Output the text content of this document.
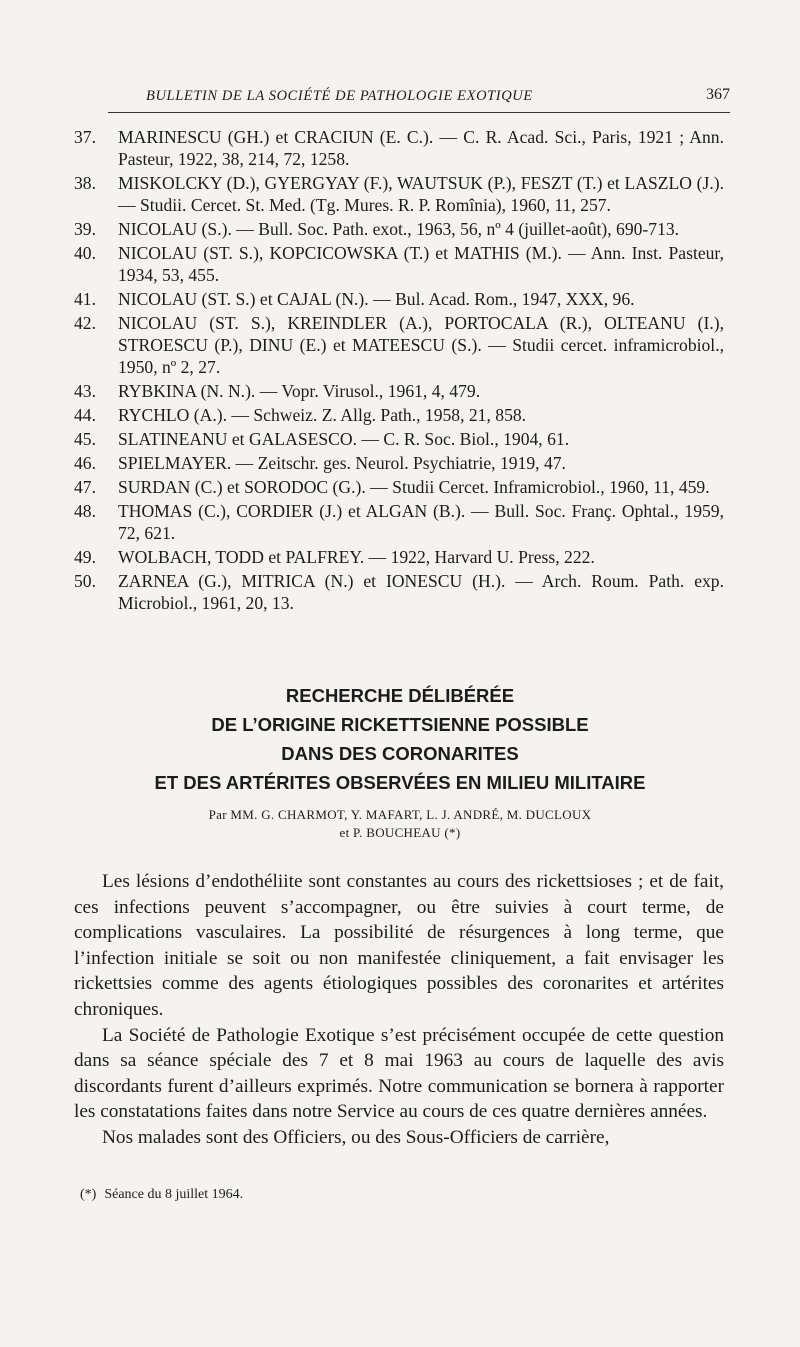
BULLETIN DE LA SOCIÉTÉ DE PATHOLOGIE EXOTIQUE	367
37. MARINESCU (GH.) et CRACIUN (E. C.). — C. R. Acad. Sci., Paris, 1921 ; Ann. Pasteur, 1922, 38, 214, 72, 1258.
38. MISKOLCKY (D.), GYERGYAY (F.), WAUTSUK (P.), FESZT (T.) et LASZLO (J.). — Studii. Cercet. St. Med. (Tg. Mures. R. P. Romînia), 1960, 11, 257.
39. NICOLAU (S.). — Bull. Soc. Path. exot., 1963, 56, nº 4 (juillet-août), 690-713.
40. NICOLAU (ST. S.), KOPCICOWSKA (T.) et MATHIS (M.). — Ann. Inst. Pasteur, 1934, 53, 455.
41. NICOLAU (ST. S.) et CAJAL (N.). — Bul. Acad. Rom., 1947, XXX, 96.
42. NICOLAU (ST. S.), KREINDLER (A.), PORTOCALA (R.), OLTEANU (I.), STROESCU (P.), DINU (E.) et MATEESCU (S.). — Studii cercet. inframicrobiol., 1950, nº 2, 27.
43. RYBKINA (N. N.). — Vopr. Virusol., 1961, 4, 479.
44. RYCHLO (A.). — Schweiz. Z. Allg. Path., 1958, 21, 858.
45. SLATINEANU et GALASESCO. — C. R. Soc. Biol., 1904, 61.
46. SPIELMAYER. — Zeitschr. ges. Neurol. Psychiatrie, 1919, 47.
47. SURDAN (C.) et SORODOC (G.). — Studii Cercet. Inframicrobiol., 1960, 11, 459.
48. THOMAS (C.), CORDIER (J.) et ALGAN (B.). — Bull. Soc. Franç. Ophtal., 1959, 72, 621.
49. WOLBACH, TODD et PALFREY. — 1922, Harvard U. Press, 222.
50. ZARNEA (G.), MITRICA (N.) et IONESCU (H.). — Arch. Roum. Path. exp. Microbiol., 1961, 20, 13.
RECHERCHE DÉLIBÉRÉE
DE L’ORIGINE RICKETTSIENNE POSSIBLE
DANS DES CORONARITES
ET DES ARTÉRITES OBSERVÉES EN MILIEU MILITAIRE
Par MM. G. CHARMOT, Y. MAFART, L. J. ANDRÉ, M. DUCLOUX
et P. BOUCHEAU (*)

Les lésions d’endothéliite sont constantes au cours des rickettsioses ; et de fait, ces infections peuvent s’accompagner, ou être suivies à court terme, de complications vasculaires. La possibilité de résurgences à long terme, que l’infection initiale se soit ou non manifestée cliniquement, a fait envisager les rickettsies comme des agents étiologiques possibles des coronarites et artérites chroniques.

La Société de Pathologie Exotique s’est précisément occupée de cette question dans sa séance spéciale des 7 et 8 mai 1963 au cours de laquelle des avis discordants furent d’ailleurs exprimés. Notre communication se bornera à rapporter les constatations faites dans notre Service au cours de ces quatre dernières années.

Nos malades sont des Officiers, ou des Sous-Officiers de carrière,

(*) Séance du 8 juillet 1964.
